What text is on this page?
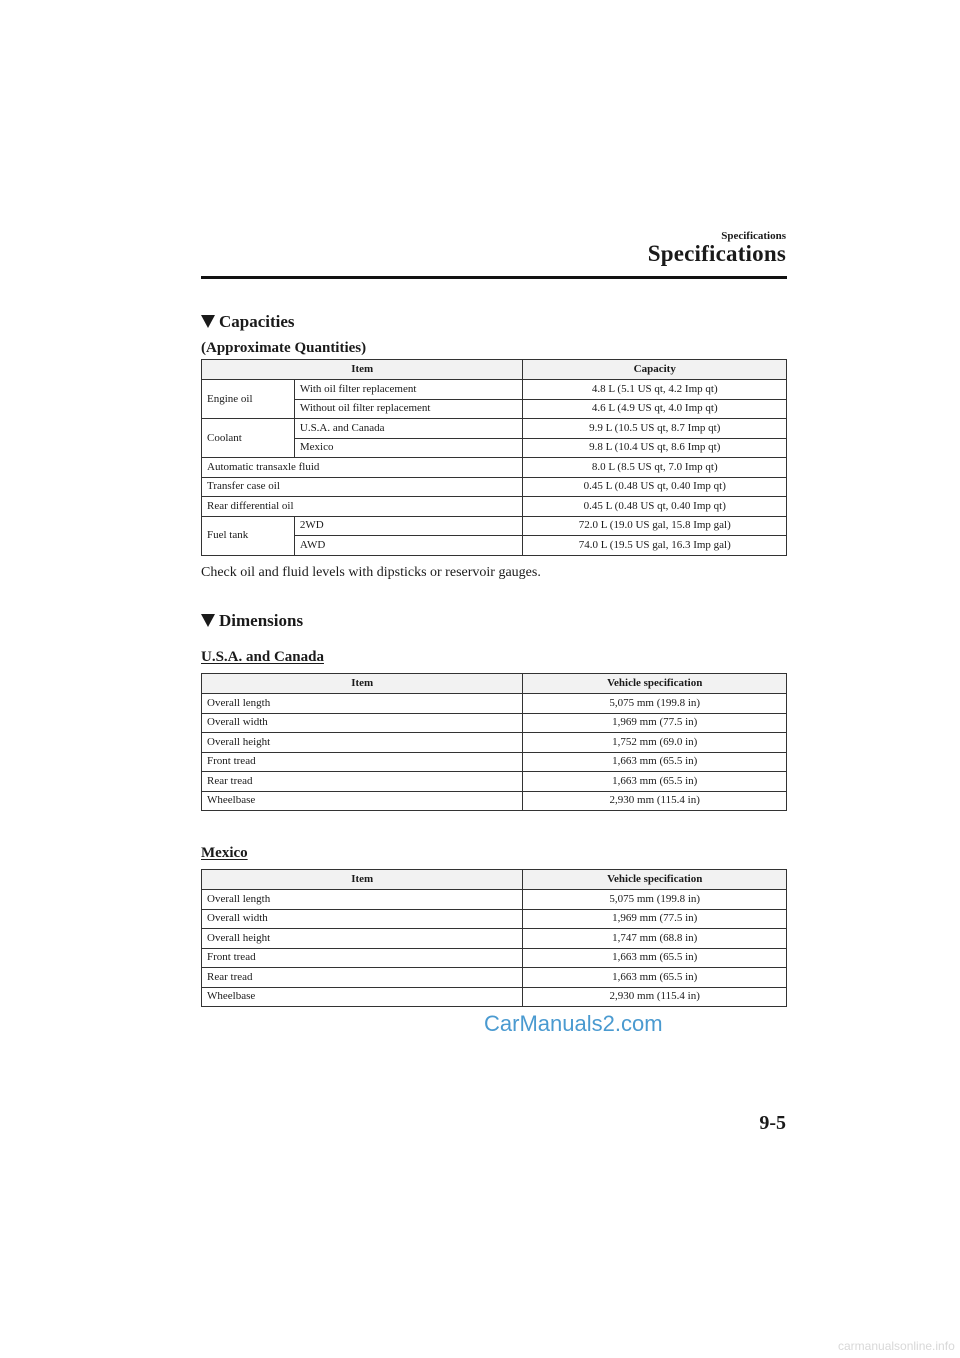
Specifications
Specifications
Capacities
(Approximate Quantities)
Item		Capacity
Engine oil	With oil filter replacement	4.8 L (5.1 US qt, 4.2 Imp qt)
	Without oil filter replacement	4.6 L (4.9 US qt, 4.0 Imp qt)
Coolant	U.S.A. and Canada	9.9 L (10.5 US qt, 8.7 Imp qt)
	Mexico	9.8 L (10.4 US qt, 8.6 Imp qt)
Automatic transaxle fluid		8.0 L (8.5 US qt, 7.0 Imp qt)
Transfer case oil		0.45 L (0.48 US qt, 0.40 Imp qt)
Rear differential oil		0.45 L (0.48 US qt, 0.40 Imp qt)
Fuel tank	2WD	72.0 L (19.0 US gal, 15.8 Imp gal)
	AWD	74.0 L (19.5 US gal, 16.3 Imp gal)
Check oil and fluid levels with dipsticks or reservoir gauges.
Dimensions
U.S.A. and Canada
Item	Vehicle specification
Overall length	5,075 mm (199.8 in)
Overall width	1,969 mm (77.5 in)
Overall height	1,752 mm (69.0 in)
Front tread	1,663 mm (65.5 in)
Rear tread	1,663 mm (65.5 in)
Wheelbase	2,930 mm (115.4 in)
Mexico
Item	Vehicle specification
Overall length	5,075 mm (199.8 in)
Overall width	1,969 mm (77.5 in)
Overall height	1,747 mm (68.8 in)
Front tread	1,663 mm (65.5 in)
Rear tread	1,663 mm (65.5 in)
Wheelbase	2,930 mm (115.4 in)
CarManuals2.com
9-5
carmanualsonline.info
